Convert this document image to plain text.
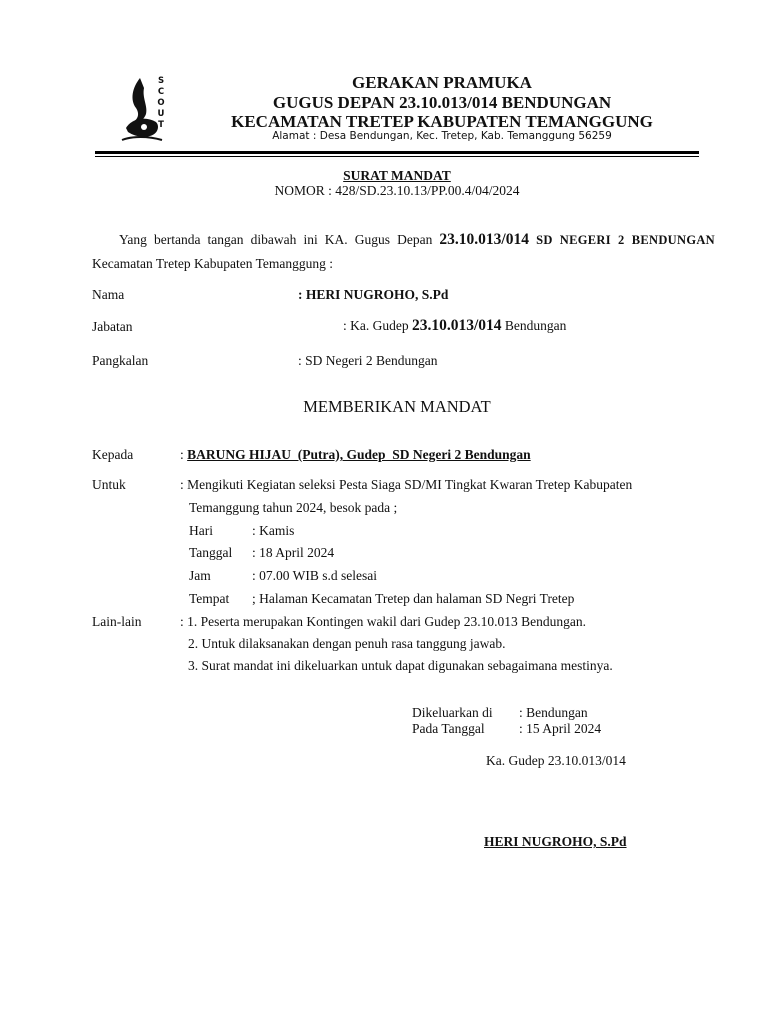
SCOUT
GERAKAN PRAMUKA
GUGUS DEPAN 23.10.013/014 BENDUNGAN
KECAMATAN TRETEP KABUPATEN TEMANGGUNG
Alamat : Desa Bendungan, Kec. Tretep, Kab. Temanggung 56259
SURAT MANDAT
NOMOR : 428/SD.23.10.13/PP.00.4/04/2024
Yang bertanda tangan dibawah ini KA. Gugus Depan 23.10.013/014 SD NEGERI 2 BENDUNGAN Kecamatan Tretep Kabupaten Temanggung :
Nama	: HERI NUGROHO, S.Pd
Jabatan	: Ka. Gudep 23.10.013/014 Bendungan
Pangkalan	: SD Negeri 2 Bendungan
MEMBERIKAN MANDAT
Kepada	: BARUNG HIJAU  (Putra), Gudep  SD Negeri 2 Bendungan
Untuk	: Mengikuti Kegiatan seleksi Pesta Siaga SD/MI Tingkat Kwaran Tretep Kabupaten
Temanggung tahun 2024, besok pada ;
Hari	: Kamis
Tanggal : 18 April 2024
Jam	: 07.00 WIB s.d selesai
Tempat ; Halaman Kecamatan Tretep dan halaman SD Negri Tretep
Lain-lain	: 1. Peserta merupakan Kontingen wakil dari Gudep 23.10.013 Bendungan.
2. Untuk dilaksanakan dengan penuh rasa tanggung jawab.
3. Surat mandat ini dikeluarkan untuk dapat digunakan sebagaimana mestinya.
Dikeluarkan di : Bendungan
Pada Tanggal	: 15 April 2024
Ka. Gudep 23.10.013/014
HERI NUGROHO, S.Pd
